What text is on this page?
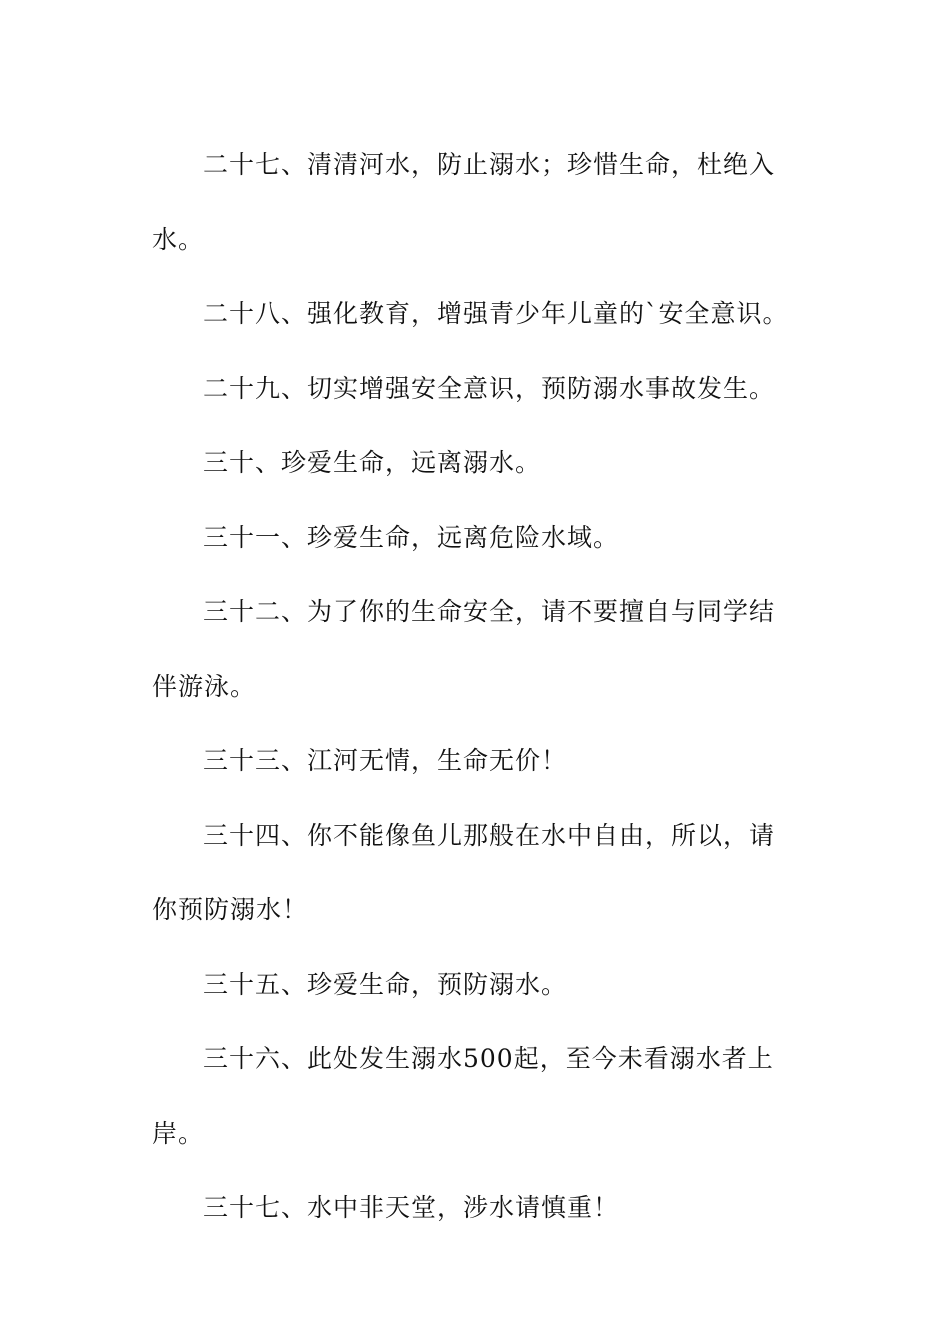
二十七、清清河水，防止溺水；珍惜生命，杜绝入水。

二十八、强化教育，增强青少年儿童的`安全意识。

二十九、切实增强安全意识，预防溺水事故发生。

三十、珍爱生命，远离溺水。

三十一、珍爱生命，远离危险水域。

三十二、为了你的生命安全，请不要擅自与同学结伴游泳。

三十三、江河无情，生命无价！

三十四、你不能像鱼儿那般在水中自由，所以，请你预防溺水！

三十五、珍爱生命，预防溺水。

三十六、此处发生溺水500起，至今未看溺水者上岸。

三十七、水中非天堂，涉水请慎重！
